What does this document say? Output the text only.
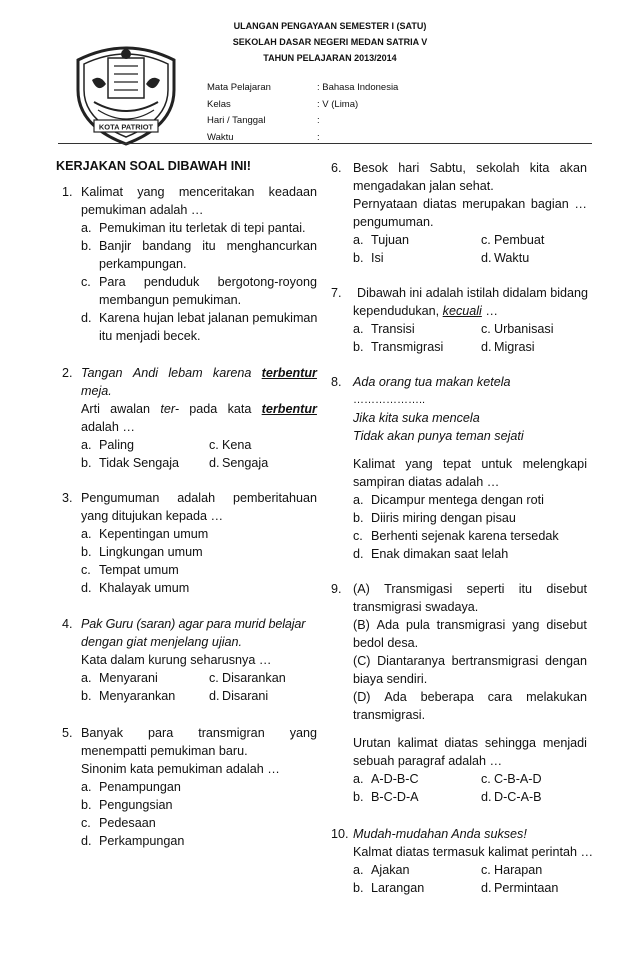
KOTA PATRIOT
ULANGAN PENGAYAAN SEMESTER I (SATU)
SEKOLAH DASAR NEGERI MEDAN SATRIA V
TAHUN PELAJARAN 2013/2014
Mata Pelajaran	: Bahasa Indonesia
Kelas	: V (Lima)
Hari / Tanggal	:
Waktu	:
KERJAKAN SOAL DIBAWAH INI!
1. Kalimat yang menceritakan keadaan
pemukiman adalah …
a. Pemukiman itu terletak di tepi pantai.
b. Banjir bandang itu menghancurkan
perkampungan.
c. Para penduduk bergotong-royong
membangun pemukiman.
d. Karena hujan lebat jalanan pemukiman
itu menjadi becek.
2. Tangan Andi lebam karena terbentur
meja.
Arti awalan ter- pada kata terbentur
adalah …
a. Paling	c. Kena
b. Tidak Sengaja d. Sengaja
3. Pengumuman adalah pemberitahuan
yang ditujukan kepada …
a. Kepentingan umum
b. Lingkungan umum
c. Tempat umum
d. Khalayak umum
4. Pak Guru (saran) agar para murid belajar
dengan giat menjelang ujian.
Kata dalam kurung seharusnya …
a. Menyarani	c. Disarankan
b. Menyarankan	d. Disarani
5. Banyak para transmigran yang
menempatti pemukiman baru.
Sinonim kata pemukiman adalah …
a. Penampungan
b. Pengungsian
c. Pedesaan
d. Perkampungan
6. Besok hari Sabtu, sekolah kita akan
mengadakan jalan sehat.
Pernyataan diatas merupakan bagian …
pengumuman.
a. Tujuan	c. Pembuat
b. Isi	d. Waktu
7. Dibawah ini adalah istilah didalam bidang
kependudukan, kecuali …
a. Transisi	c. Urbanisasi
b. Transmigrasi	d. Migrasi
8. Ada orang tua makan ketela
………………..
Jika kita suka mencela
Tidak akan punya teman sejati
Kalimat yang tepat untuk melengkapi
sampiran diatas adalah …
a. Dicampur mentega dengan roti
b. Diiris miring dengan pisau
c. Berhenti sejenak karena tersedak
d. Enak dimakan saat lelah
9. (A) Transmigasi seperti itu disebut
transmigrasi swadaya.
(B) Ada pula transmigrasi yang disebut
bedol desa.
(C) Diantaranya bertransmigrasi dengan
biaya sendiri.
(D) Ada beberapa cara melakukan
transmigrasi.
Urutan kalimat diatas sehingga menjadi
sebuah paragraf adalah …
a. A-D-B-C	c. C-B-A-D
b. B-C-D-A	d. D-C-A-B
10. Mudah-mudahan Anda sukses!
Kalmat diatas termasuk kalimat perintah …
a. Ajakan	c. Harapan
b. Larangan	d. Permintaan
